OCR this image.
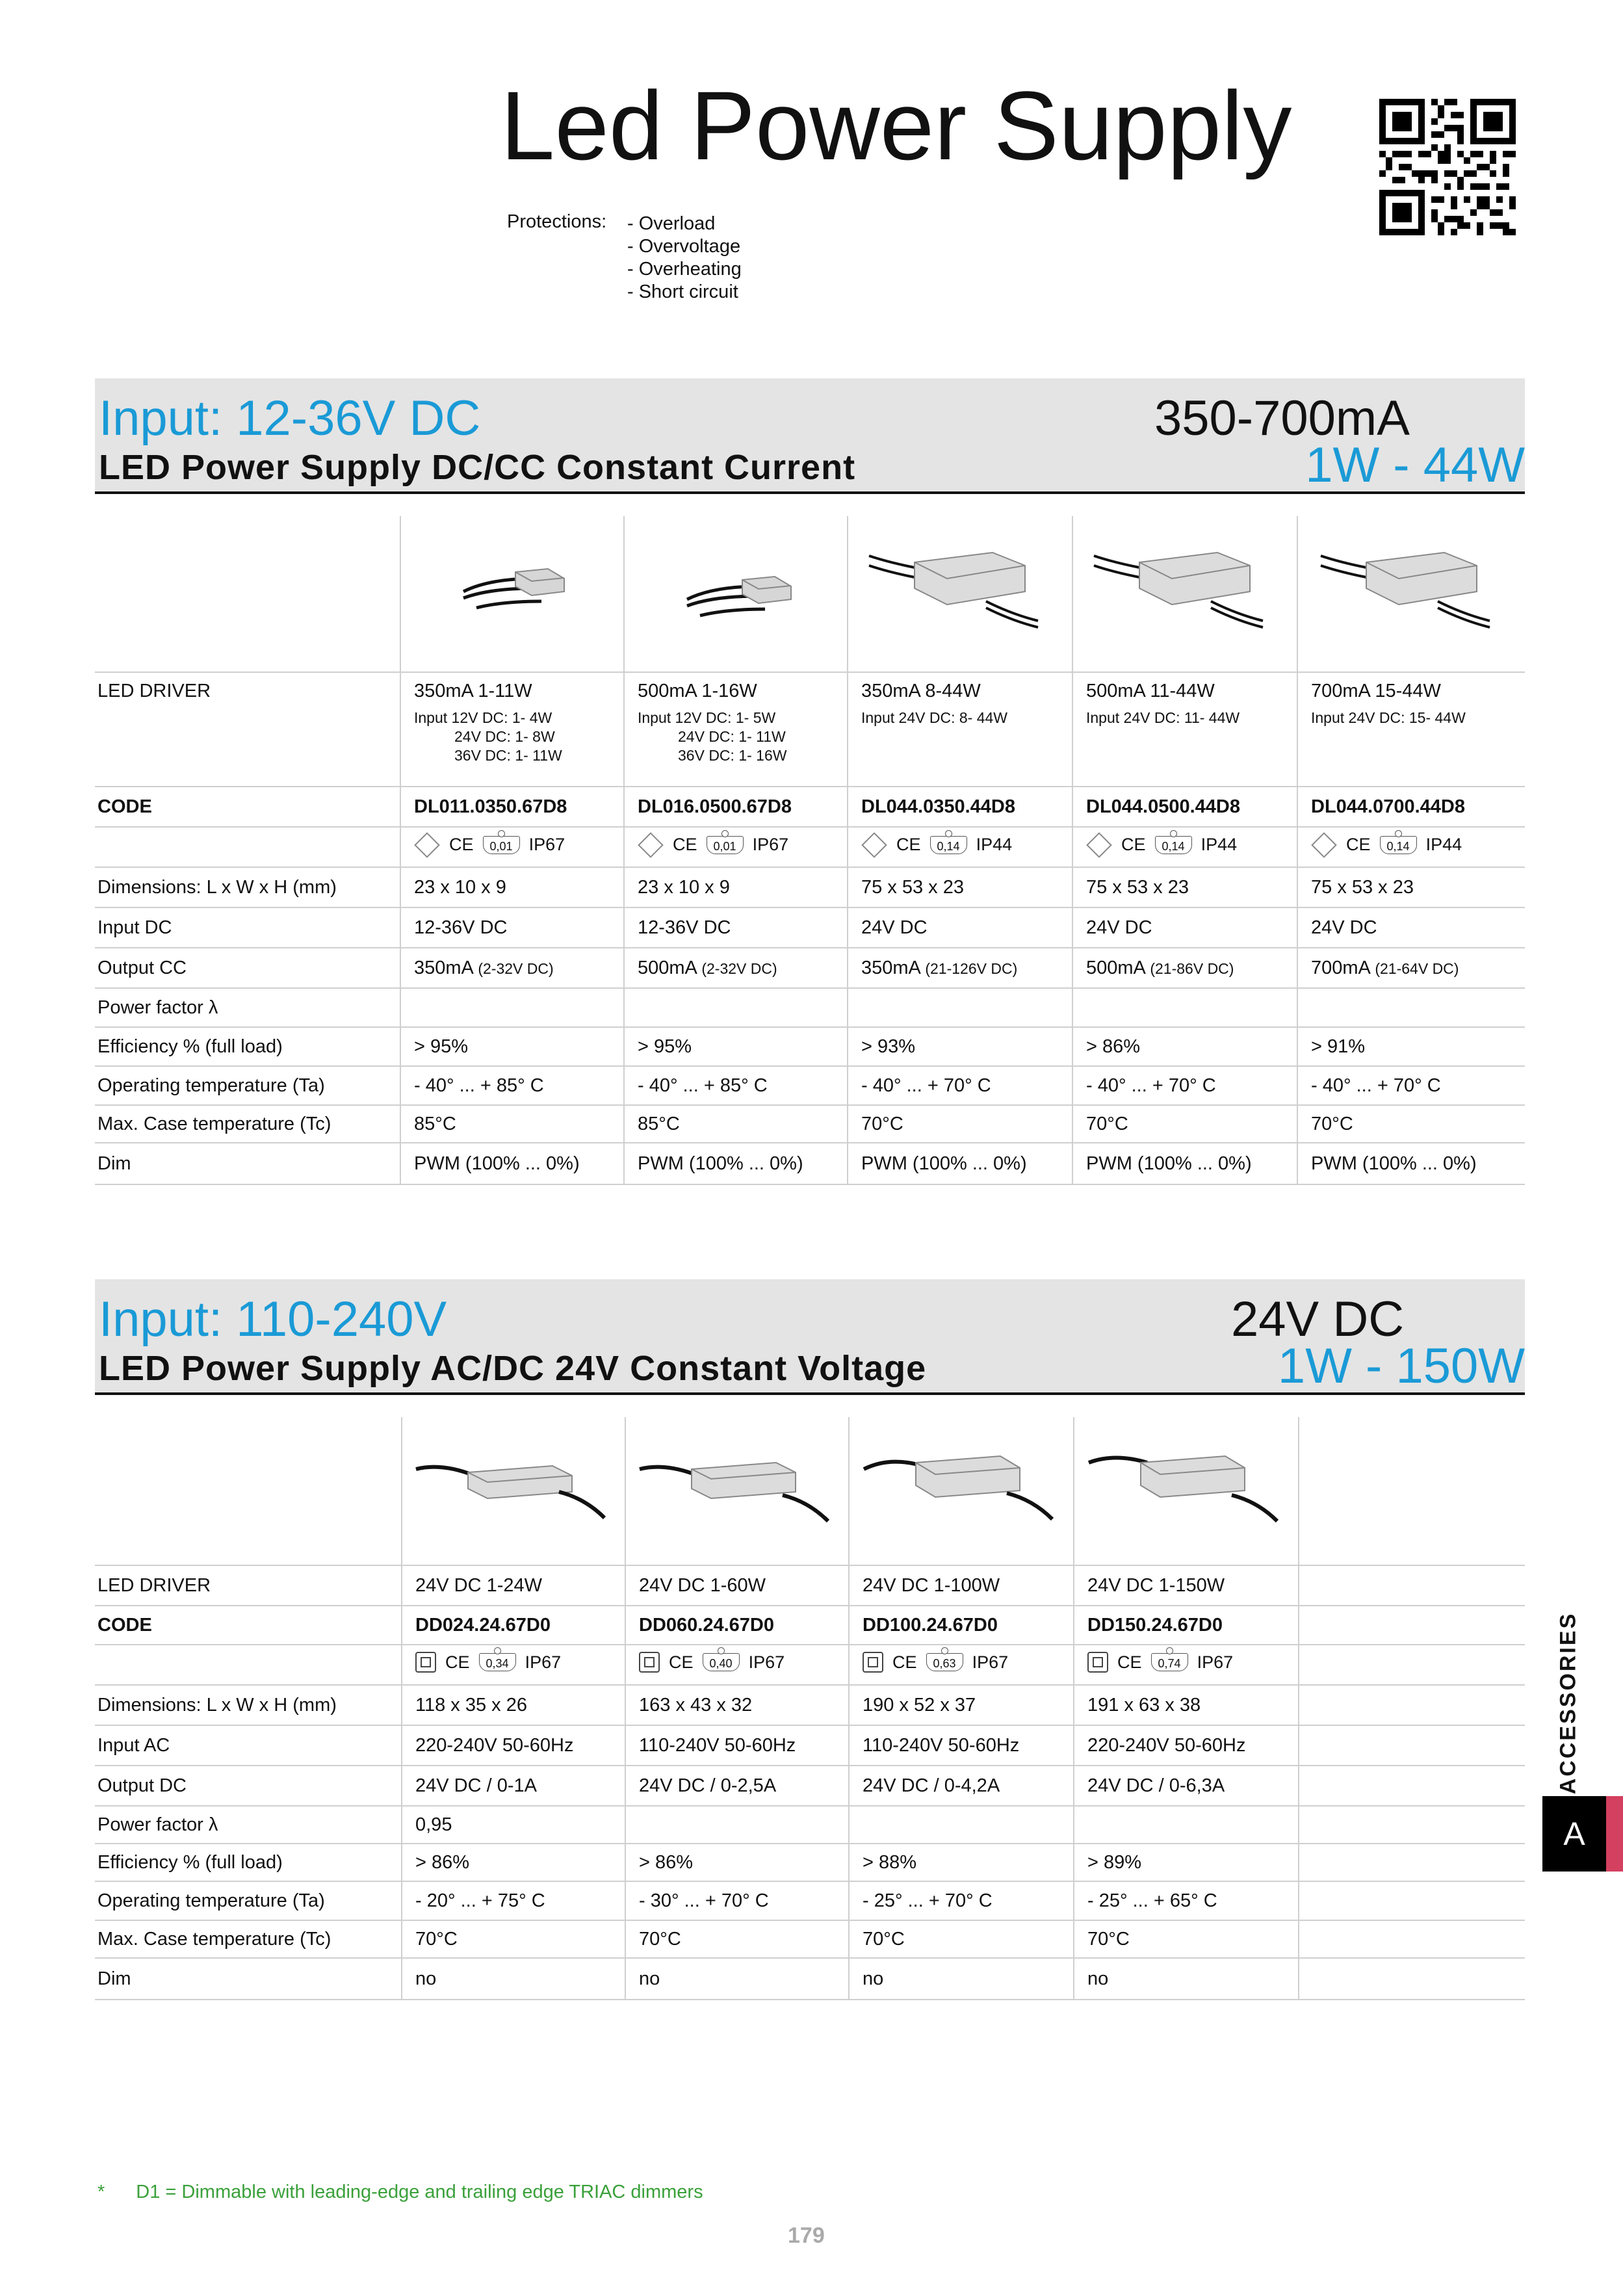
Led Power Supply
Protections: - Overload
- Overvoltage
- Overheating
- Short circuit
Input: 12-36V DC
LED Power Supply DC/CC Constant Current
350-700mA
1W - 44W

LED DRIVER	350mA 1-11W
Input 12V DC: 1- 4W
24V DC: 1- 8W
36V DC: 1- 11W	500mA 1-16W
Input 12V DC: 1- 5W
24V DC: 1- 11W
36V DC: 1- 16W	350mA 8-44W
Input 24V DC: 8- 44W	500mA 11-44W
Input 24V DC: 11- 44W	700mA 15-44W
Input 24V DC: 15- 44W

CODE	DL011.0350.67D8	DL016.0500.67D8	DL044.0350.44D8	DL044.0500.44D8	DL044.0700.44D8

	CE 0,01 IP67	CE 0,01 IP67	CE 0,14 IP44	CE 0,14 IP44	CE 0,14 IP44

Dimensions: L x W x H (mm)	23 x 10 x 9	23 x 10 x 9	75 x 53 x 23	75 x 53 x 23	75 x 53 x 23
Input DC	12-36V DC	12-36V DC	24V DC	24V DC	24V DC
Output CC	350mA (2-32V DC)	500mA (2-32V DC)	350mA (21-126V DC)	500mA (21-86V DC)	700mA (21-64V DC)
Power factor λ					
Efficiency % (full load)	> 95%	> 95%	> 93%	> 86%	> 91%
Operating temperature (Ta)	- 40° ... + 85° C	- 40° ... + 85° C	- 40° ... + 70° C	- 40° ... + 70° C	- 40° ... + 70° C
Max. Case temperature (Tc)	85°C	85°C	70°C	70°C	70°C
Dim	PWM (100% ... 0%)	PWM (100% ... 0%)	PWM (100% ... 0%)	PWM (100% ... 0%)	PWM (100% ... 0%)
Input: 110-240V
LED Power Supply AC/DC 24V Constant Voltage
24V DC
1W - 150W

LED DRIVER	24V DC 1-24W	24V DC 1-60W	24V DC 1-100W	24V DC 1-150W	
CODE	DD024.24.67D0	DD060.24.67D0	DD100.24.67D0	DD150.24.67D0	

	CE 0,34 IP67	CE 0,40 IP67	CE 0,63 IP67	CE 0,74 IP67	

Dimensions: L x W x H (mm)	118 x 35 x 26	163 x 43 x 32	190 x 52 x 37	191 x 63 x 38	
Input AC	220-240V 50-60Hz	110-240V 50-60Hz	110-240V 50-60Hz	220-240V 50-60Hz	
Output DC	24V DC / 0-1A	24V DC / 0-2,5A	24V DC / 0-4,2A	24V DC / 0-6,3A	
Power factor λ	0,95				
Efficiency % (full load)	> 86%	> 86%	> 88%	> 89%	
Operating temperature (Ta)	- 20° ... + 75° C	- 30° ... + 70° C	- 25° ... + 70° C	- 25° ... + 65° C	
Max. Case temperature (Tc)	70°C	70°C	70°C	70°C	
Dim	no	no	no	no	
ACCESSORIES
A
* D1 = Dimmable with leading-edge and trailing edge TRIAC dimmers
179
